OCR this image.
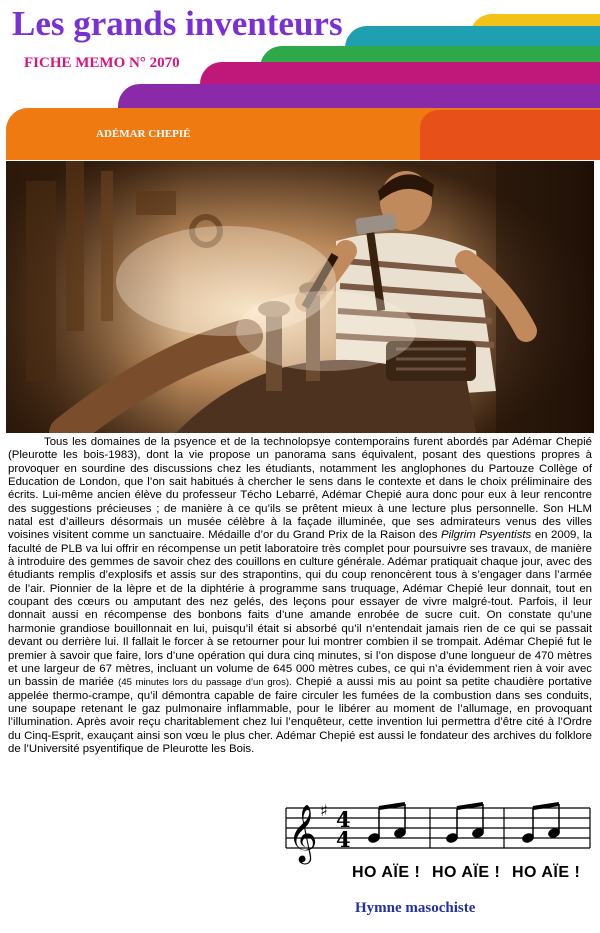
Les grands inventeurs
FICHE MEMO N° 2070
ADÉMAR CHEPIÉ

Tous les domaines de la psyence et de la technolopsye contemporains furent abordés par Adémar Chepié (Pleurotte les bois-1983), dont la vie propose un panorama sans équivalent, posant des questions propres à provoquer en sourdine des discussions chez les étudiants, notamment les anglophones du Partouze Collège of Education de London, que l’on sait habitués à chercher le sens dans le contexte et dans le choix préliminaire des écrits. Lui-même ancien élève du professeur Técho Lebarré, Adémar Chepié aura donc pour eux à leur rencontre des suggestions précieuses ; de manière à ce qu’ils se prêtent mieux à une lecture plus personnelle. Son HLM natal est d’ailleurs désormais un musée célèbre à la façade illuminée, que ses admirateurs venus des villes voisines visitent comme un sanctuaire. Médaille d’or du Grand Prix de la Raison des Pilgrim Psyentists en 2009, la faculté de PLB va lui offrir en récompense un petit laboratoire très complet pour poursuivre ses travaux, de manière à introduire des gemmes de savoir chez des couillons en culture générale. Adémar pratiquait chaque jour, avec des étudiants remplis d’explosifs et assis sur des strapontins, qui du coup renoncèrent tous à s’engager dans l’armée de l’air. Pionnier de la lèpre et de la diphtérie à programme sans truquage, Adémar Chepié leur donnait, tout en coupant des cœurs ou amputant des nez gelés, des leçons pour essayer de vivre malgré-tout. Parfois, il leur donnait aussi en récompense des bonbons faits d’une amande enrobée de sucre cuit. On constate qu’une harmonie grandiose bouillonnait en lui, puisqu’il était si absorbé qu’il n’entendait jamais rien de ce qui se passait devant ou derrière lui. Il fallait le forcer à se retourner pour lui montrer combien il se trompait. Adémar Chepié fut le premier à savoir que faire, lors d’une opération qui dura cinq minutes, si l’on dispose d’une longueur de 470 mètres et une largeur de 67 mètres, incluant un volume de 645 000 mètres cubes, ce qui n’a évidemment rien à voir avec un bassin de mariée (45 minutes lors du passage d’un gros). Chepié a aussi mis au point sa petite chaudière portative appelée thermo-crampe, qu’il démontra capable de faire circuler les fumées de la combustion dans ses conduits, une soupape retenant le gaz pulmonaire inflammable, pour le libérer au moment de l’allumage, en provoquant l’illumination. Après avoir reçu charitablement chez lui l’enquêteur, cette invention lui permettra d’être cité à l’Ordre du Cinq-Esprit, exauçant ainsi son vœu le plus cher. Adémar Chepié est aussi le fondateur des archives du folklore de l’Université psyentifique de Pleurotte les Bois.

𝄞 ♯ 4
4
HO AÏE ! HO AÏE ! HO AÏE !
Hymne masochiste
